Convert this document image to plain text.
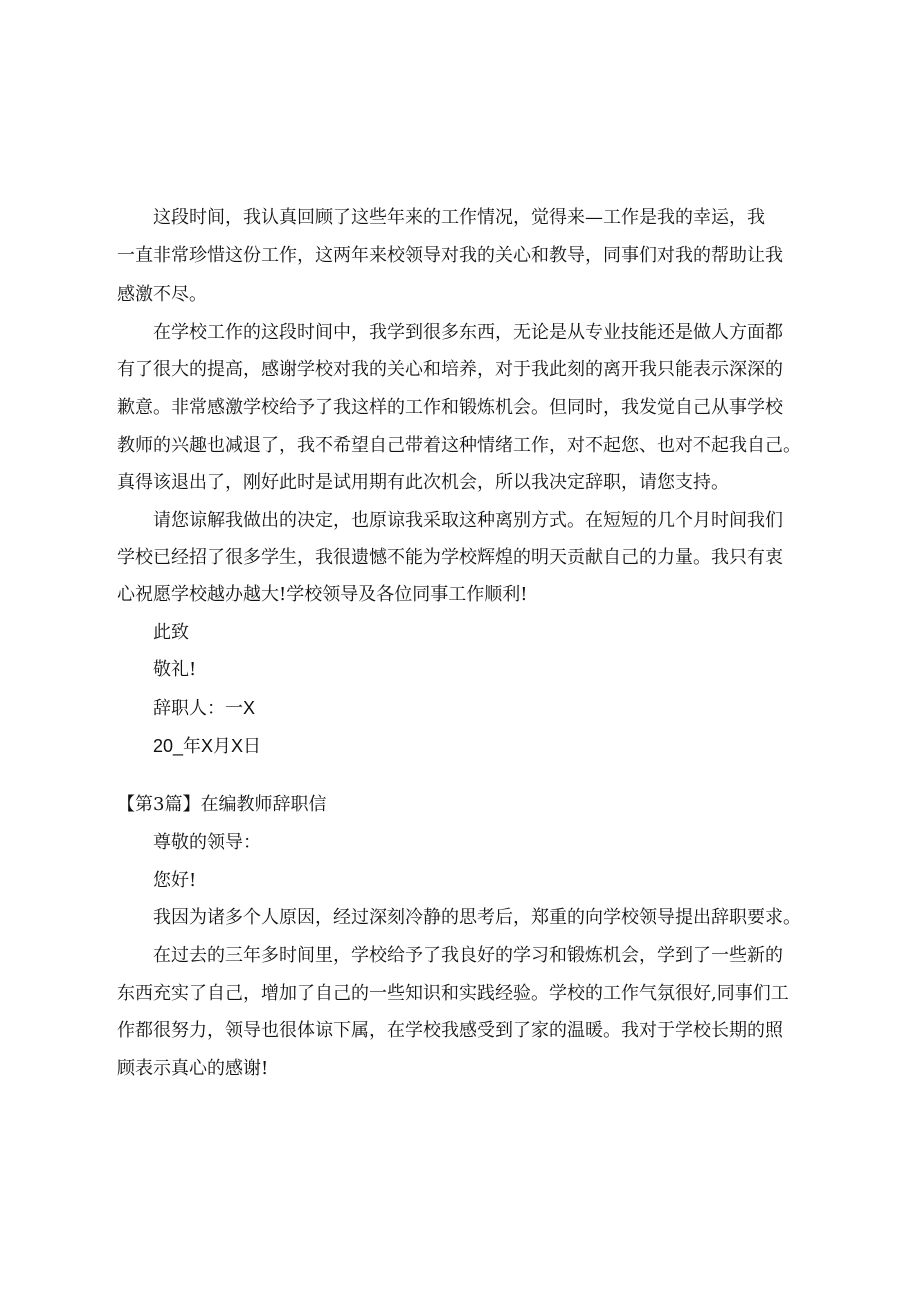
这段时间，我认真回顾了这些年来的工作情况，觉得来—工作是我的幸运，我
一直非常珍惜这份工作，这两年来校领导对我的关心和教导，同事们对我的帮助让我
感激不尽。
在学校工作的这段时间中，我学到很多东西，无论是从专业技能还是做人方面都
有了很大的提高，感谢学校对我的关心和培养，对于我此刻的离开我只能表示深深的
歉意。非常感激学校给予了我这样的工作和锻炼机会。但同时，我发觉自己从事学校
教师的兴趣也减退了，我不希望自己带着这种情绪工作，对不起您、也对不起我自己。
真得该退出了，刚好此时是试用期有此次机会，所以我决定辞职，请您支持。
请您谅解我做出的决定，也原谅我采取这种离别方式。在短短的几个月时间我们
学校已经招了很多学生，我很遗憾不能为学校辉煌的明天贡献自己的力量。我只有衷
心祝愿学校越办越大!学校领导及各位同事工作顺利!
此致
敬礼!
辞职人：一X
20_年X月X日
【第3篇】在编教师辞职信
尊敬的领导：
您好!
我因为诸多个人原因，经过深刻冷静的思考后，郑重的向学校领导提出辞职要求。
在过去的三年多时间里，学校给予了我良好的学习和锻炼机会，学到了一些新的
东西充实了自己，增加了自己的一些知识和实践经验。学校的工作气氛很好,同事们工
作都很努力，领导也很体谅下属，在学校我感受到了家的温暖。我对于学校长期的照
顾表示真心的感谢!
